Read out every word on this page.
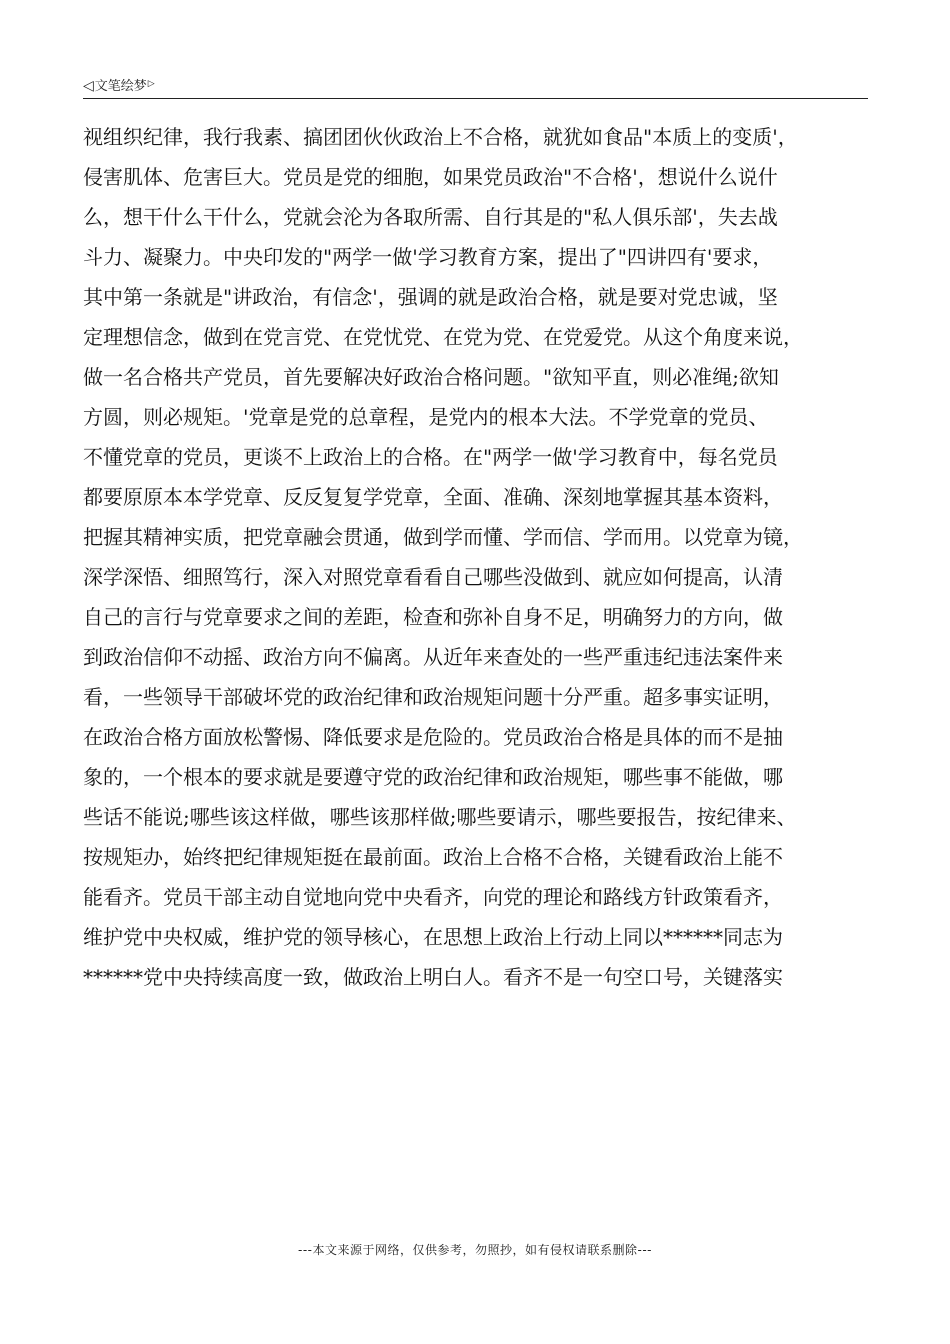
◁文笔绘梦▷
视组织纪律，我行我素、搞团团伙伙政治上不合格，就犹如食品"本质上的变质'，
侵害肌体、危害巨大。党员是党的细胞，如果党员政治"不合格'，想说什么说什
么，想干什么干什么，党就会沦为各取所需、自行其是的"私人俱乐部'，失去战
斗力、凝聚力。中央印发的"两学一做'学习教育方案，提出了"四讲四有'要求，
其中第一条就是"讲政治，有信念'，强调的就是政治合格，就是要对党忠诚，坚
定理想信念，做到在党言党、在党忧党、在党为党、在党爱党。从这个角度来说，
做一名合格共产党员，首先要解决好政治合格问题。"欲知平直，则必准绳;欲知
方圆，则必规矩。'党章是党的总章程，是党内的根本大法。不学党章的党员、
不懂党章的党员，更谈不上政治上的合格。在"两学一做'学习教育中，每名党员
都要原原本本学党章、反反复复学党章，全面、准确、深刻地掌握其基本资料，
把握其精神实质，把党章融会贯通，做到学而懂、学而信、学而用。以党章为镜，
深学深悟、细照笃行，深入对照党章看看自己哪些没做到、就应如何提高，认清
自己的言行与党章要求之间的差距，检查和弥补自身不足，明确努力的方向，做
到政治信仰不动摇、政治方向不偏离。从近年来查处的一些严重违纪违法案件来
看，一些领导干部破坏党的政治纪律和政治规矩问题十分严重。超多事实证明，
在政治合格方面放松警惕、降低要求是危险的。党员政治合格是具体的而不是抽
象的，一个根本的要求就是要遵守党的政治纪律和政治规矩，哪些事不能做，哪
些话不能说;哪些该这样做，哪些该那样做;哪些要请示，哪些要报告，按纪律来、
按规矩办，始终把纪律规矩挺在最前面。政治上合格不合格，关键看政治上能不
能看齐。党员干部主动自觉地向党中央看齐，向党的理论和路线方针政策看齐，
维护党中央权威，维护党的领导核心，在思想上政治上行动上同以******同志为
******党中央持续高度一致，做政治上明白人。看齐不是一句空口号，关键落实
---本文来源于网络，仅供参考，勿照抄，如有侵权请联系删除---
